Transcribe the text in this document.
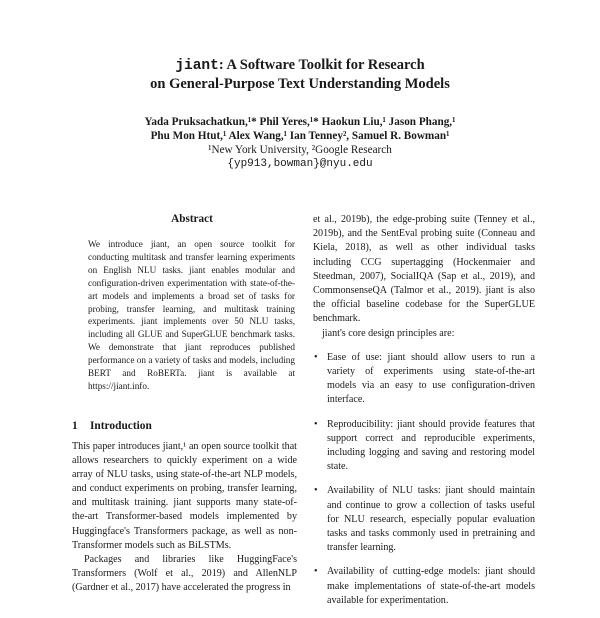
jiant: A Software Toolkit for Research
on General-Purpose Text Understanding Models
Yada Pruksachatkun,¹* Phil Yeres,¹* Haokun Liu,¹ Jason Phang,¹
Phu Mon Htut,¹ Alex Wang,¹ Ian Tenney², Samuel R. Bowman¹
¹New York University, ²Google Research
{yp913,bowman}@nyu.edu
Abstract
We introduce jiant, an open source toolkit for conducting multitask and transfer learning experiments on English NLU tasks. jiant enables modular and configuration-driven experimentation with state-of-the-art models and implements a broad set of tasks for probing, transfer learning, and multitask training experiments. jiant implements over 50 NLU tasks, including all GLUE and SuperGLUE benchmark tasks. We demonstrate that jiant reproduces published performance on a variety of tasks and models, including BERT and RoBERTa. jiant is available at https://jiant.info.
1 Introduction

This paper introduces jiant,¹ an open source toolkit that allows researchers to quickly experiment on a wide array of NLU tasks, using state-of-the-art NLP models, and conduct experiments on probing, transfer learning, and multitask training. jiant supports many state-of-the-art Transformer-based models implemented by Huggingface's Transformers package, as well as non-Transformer models such as BiLSTMs.

Packages and libraries like HuggingFace's Transformers (Wolf et al., 2019) and AllenNLP (Gardner et al., 2017) have accelerated the progress in

et al., 2019b), the edge-probing suite (Tenney et al., 2019b), and the SentEval probing suite (Conneau and Kiela, 2018), as well as other individual tasks including CCG supertagging (Hockenmaier and Steedman, 2007), SocialIQA (Sap et al., 2019), and CommonsenseQA (Talmor et al., 2019). jiant is also the official baseline codebase for the SuperGLUE benchmark.

jiant's core design principles are:

• Ease of use: jiant should allow users to run a variety of experiments using state-of-the-art models via an easy to use configuration-driven interface.
• Reproducibility: jiant should provide features that support correct and reproducible experiments, including logging and saving and restoring model state.
• Availability of NLU tasks: jiant should maintain and continue to grow a collection of tasks useful for NLU research, especially popular evaluation tasks and tasks commonly used in pretraining and transfer learning.
• Availability of cutting-edge models: jiant should make implementations of state-of-the-art models available for experimentation.
